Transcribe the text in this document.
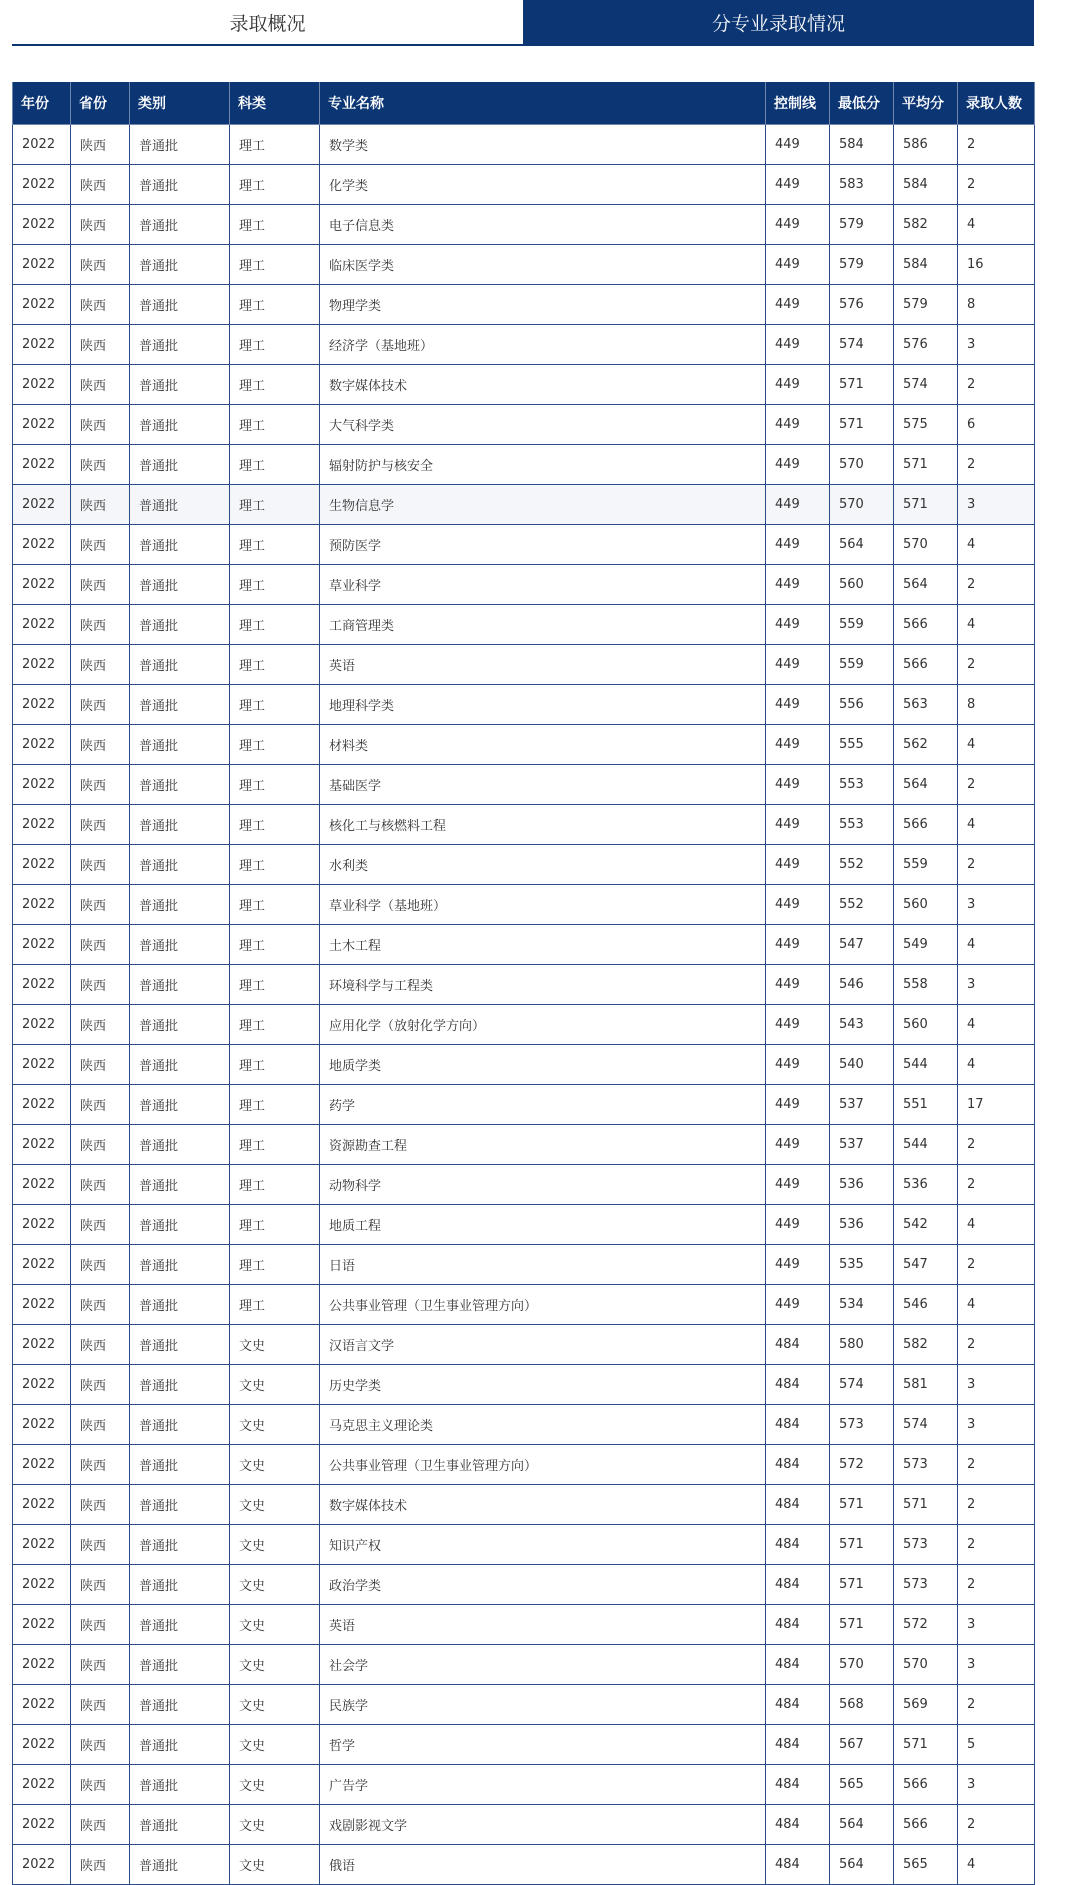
录取概况	分专业录取情况
年份	省份	类别	科类	专业名称	控制线	最低分	平均分	录取人数
2022	陕西	普通批	理工	数学类	449	584	586	2
2022	陕西	普通批	理工	化学类	449	583	584	2
2022	陕西	普通批	理工	电子信息类	449	579	582	4
2022	陕西	普通批	理工	临床医学类	449	579	584	16
2022	陕西	普通批	理工	物理学类	449	576	579	8
2022	陕西	普通批	理工	经济学（基地班）	449	574	576	3
2022	陕西	普通批	理工	数字媒体技术	449	571	574	2
2022	陕西	普通批	理工	大气科学类	449	571	575	6
2022	陕西	普通批	理工	辐射防护与核安全	449	570	571	2
2022	陕西	普通批	理工	生物信息学	449	570	571	3
2022	陕西	普通批	理工	预防医学	449	564	570	4
2022	陕西	普通批	理工	草业科学	449	560	564	2
2022	陕西	普通批	理工	工商管理类	449	559	566	4
2022	陕西	普通批	理工	英语	449	559	566	2
2022	陕西	普通批	理工	地理科学类	449	556	563	8
2022	陕西	普通批	理工	材料类	449	555	562	4
2022	陕西	普通批	理工	基础医学	449	553	564	2
2022	陕西	普通批	理工	核化工与核燃料工程	449	553	566	4
2022	陕西	普通批	理工	水利类	449	552	559	2
2022	陕西	普通批	理工	草业科学（基地班）	449	552	560	3
2022	陕西	普通批	理工	土木工程	449	547	549	4
2022	陕西	普通批	理工	环境科学与工程类	449	546	558	3
2022	陕西	普通批	理工	应用化学（放射化学方向）	449	543	560	4
2022	陕西	普通批	理工	地质学类	449	540	544	4
2022	陕西	普通批	理工	药学	449	537	551	17
2022	陕西	普通批	理工	资源勘查工程	449	537	544	2
2022	陕西	普通批	理工	动物科学	449	536	536	2
2022	陕西	普通批	理工	地质工程	449	536	542	4
2022	陕西	普通批	理工	日语	449	535	547	2
2022	陕西	普通批	理工	公共事业管理（卫生事业管理方向）	449	534	546	4
2022	陕西	普通批	文史	汉语言文学	484	580	582	2
2022	陕西	普通批	文史	历史学类	484	574	581	3
2022	陕西	普通批	文史	马克思主义理论类	484	573	574	3
2022	陕西	普通批	文史	公共事业管理（卫生事业管理方向）	484	572	573	2
2022	陕西	普通批	文史	数字媒体技术	484	571	571	2
2022	陕西	普通批	文史	知识产权	484	571	573	2
2022	陕西	普通批	文史	政治学类	484	571	573	2
2022	陕西	普通批	文史	英语	484	571	572	3
2022	陕西	普通批	文史	社会学	484	570	570	3
2022	陕西	普通批	文史	民族学	484	568	569	2
2022	陕西	普通批	文史	哲学	484	567	571	5
2022	陕西	普通批	文史	广告学	484	565	566	3
2022	陕西	普通批	文史	戏剧影视文学	484	564	566	2
2022	陕西	普通批	文史	俄语	484	564	565	4
